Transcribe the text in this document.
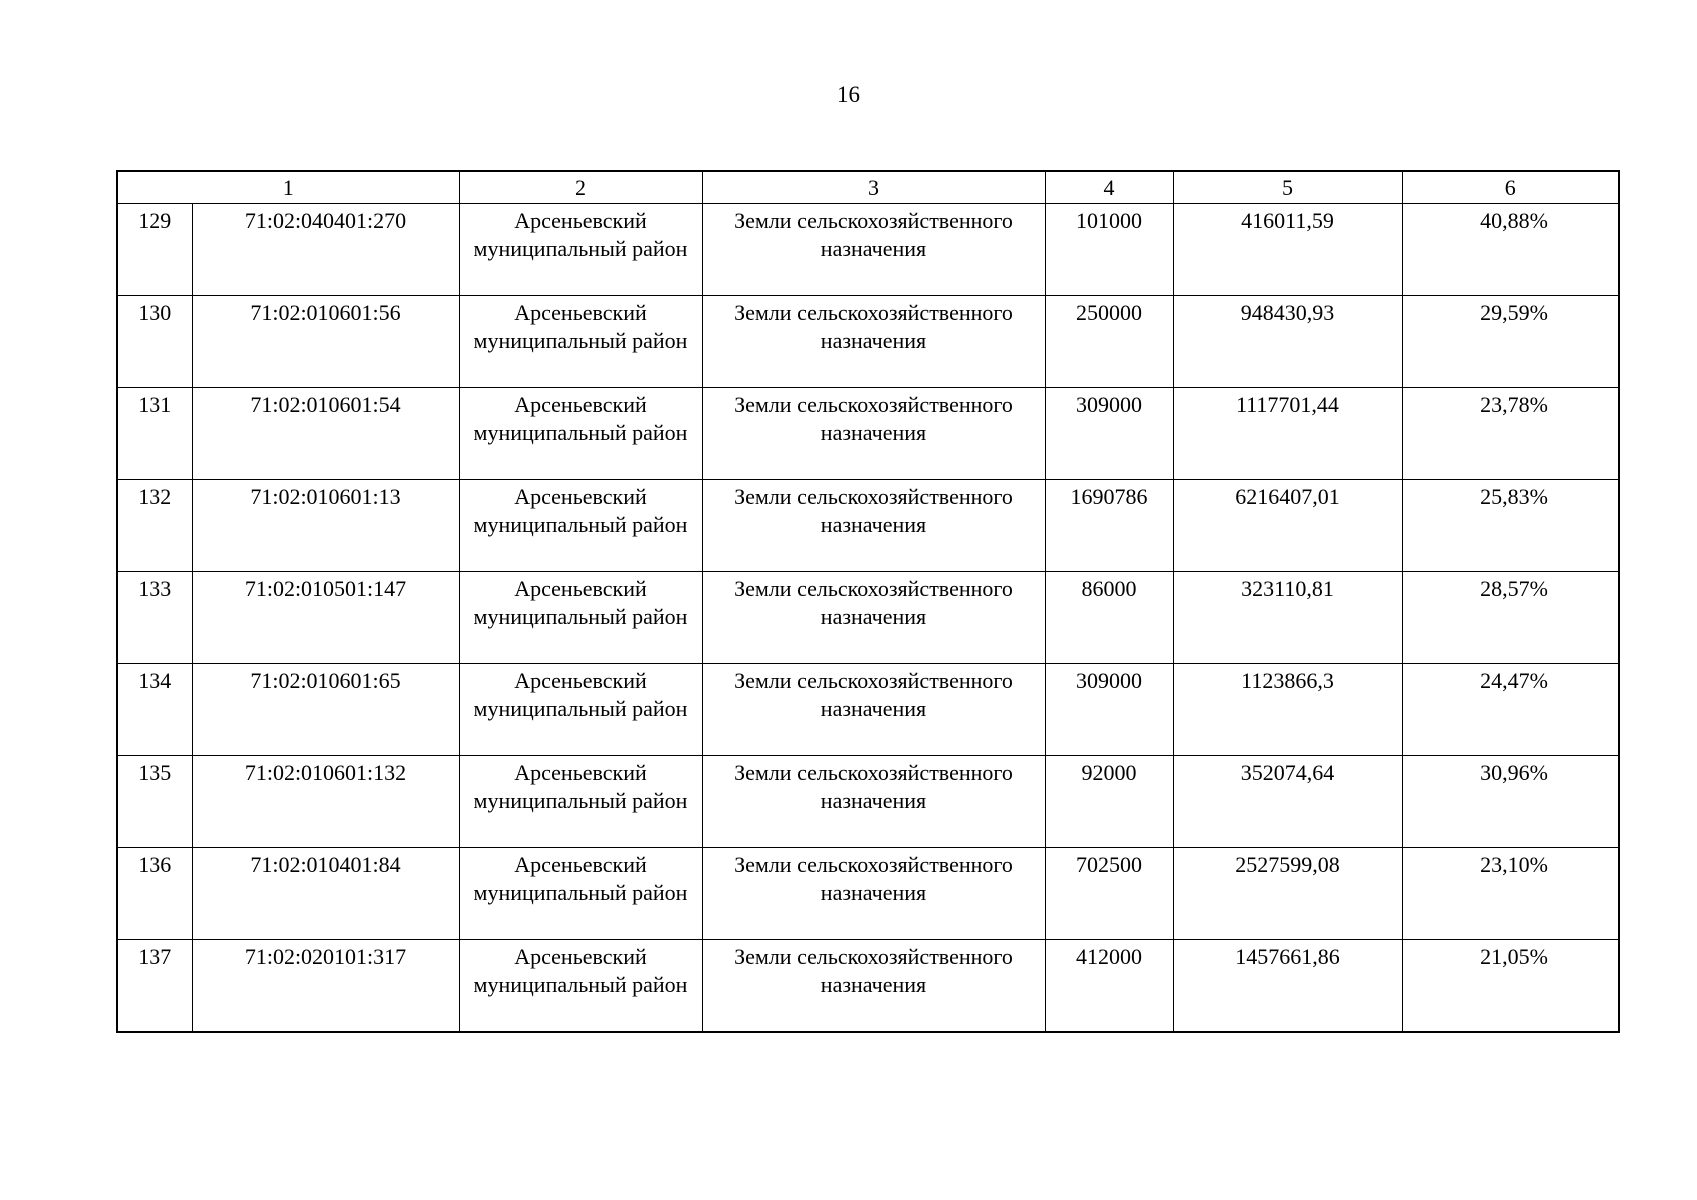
16
1		2	3	4	5	6
129	71:02:040401:270	Арсеньевский муниципальный район	Земли сельскохозяйственного назначения	101000	416011,59	40,88%
130	71:02:010601:56	Арсеньевский муниципальный район	Земли сельскохозяйственного назначения	250000	948430,93	29,59%
131	71:02:010601:54	Арсеньевский муниципальный район	Земли сельскохозяйственного назначения	309000	1117701,44	23,78%
132	71:02:010601:13	Арсеньевский муниципальный район	Земли сельскохозяйственного назначения	1690786	6216407,01	25,83%
133	71:02:010501:147	Арсеньевский муниципальный район	Земли сельскохозяйственного назначения	86000	323110,81	28,57%
134	71:02:010601:65	Арсеньевский муниципальный район	Земли сельскохозяйственного назначения	309000	1123866,3	24,47%
135	71:02:010601:132	Арсеньевский муниципальный район	Земли сельскохозяйственного назначения	92000	352074,64	30,96%
136	71:02:010401:84	Арсеньевский муниципальный район	Земли сельскохозяйственного назначения	702500	2527599,08	23,10%
137	71:02:020101:317	Арсеньевский муниципальный район	Земли сельскохозяйственного назначения	412000	1457661,86	21,05%
